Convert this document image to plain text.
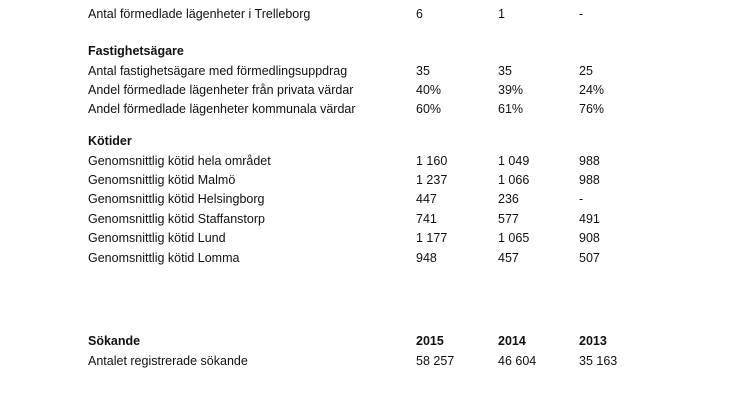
Antal förmedlade lägenheter i Trelleborg	6	1	-
Fastighetsägare
Antal fastighetsägare med förmedlingsuppdrag	35	35	25
Andel förmedlade lägenheter från privata värdar	40%	39%	24%
Andel förmedlade lägenheter kommunala värdar	60%	61%	76%
Kötider
Genomsnittlig kötid hela området	1 160	1 049	988
Genomsnittlig kötid Malmö	1 237	1 066	988
Genomsnittlig kötid Helsingborg	447	236	-
Genomsnittlig kötid Staffanstorp	741	577	491
Genomsnittlig kötid Lund	1 177	1 065	908
Genomsnittlig kötid Lomma	948	457	507
Sökande	2015	2014	2013
Antalet registrerade sökande	58 257	46 604	35 163
